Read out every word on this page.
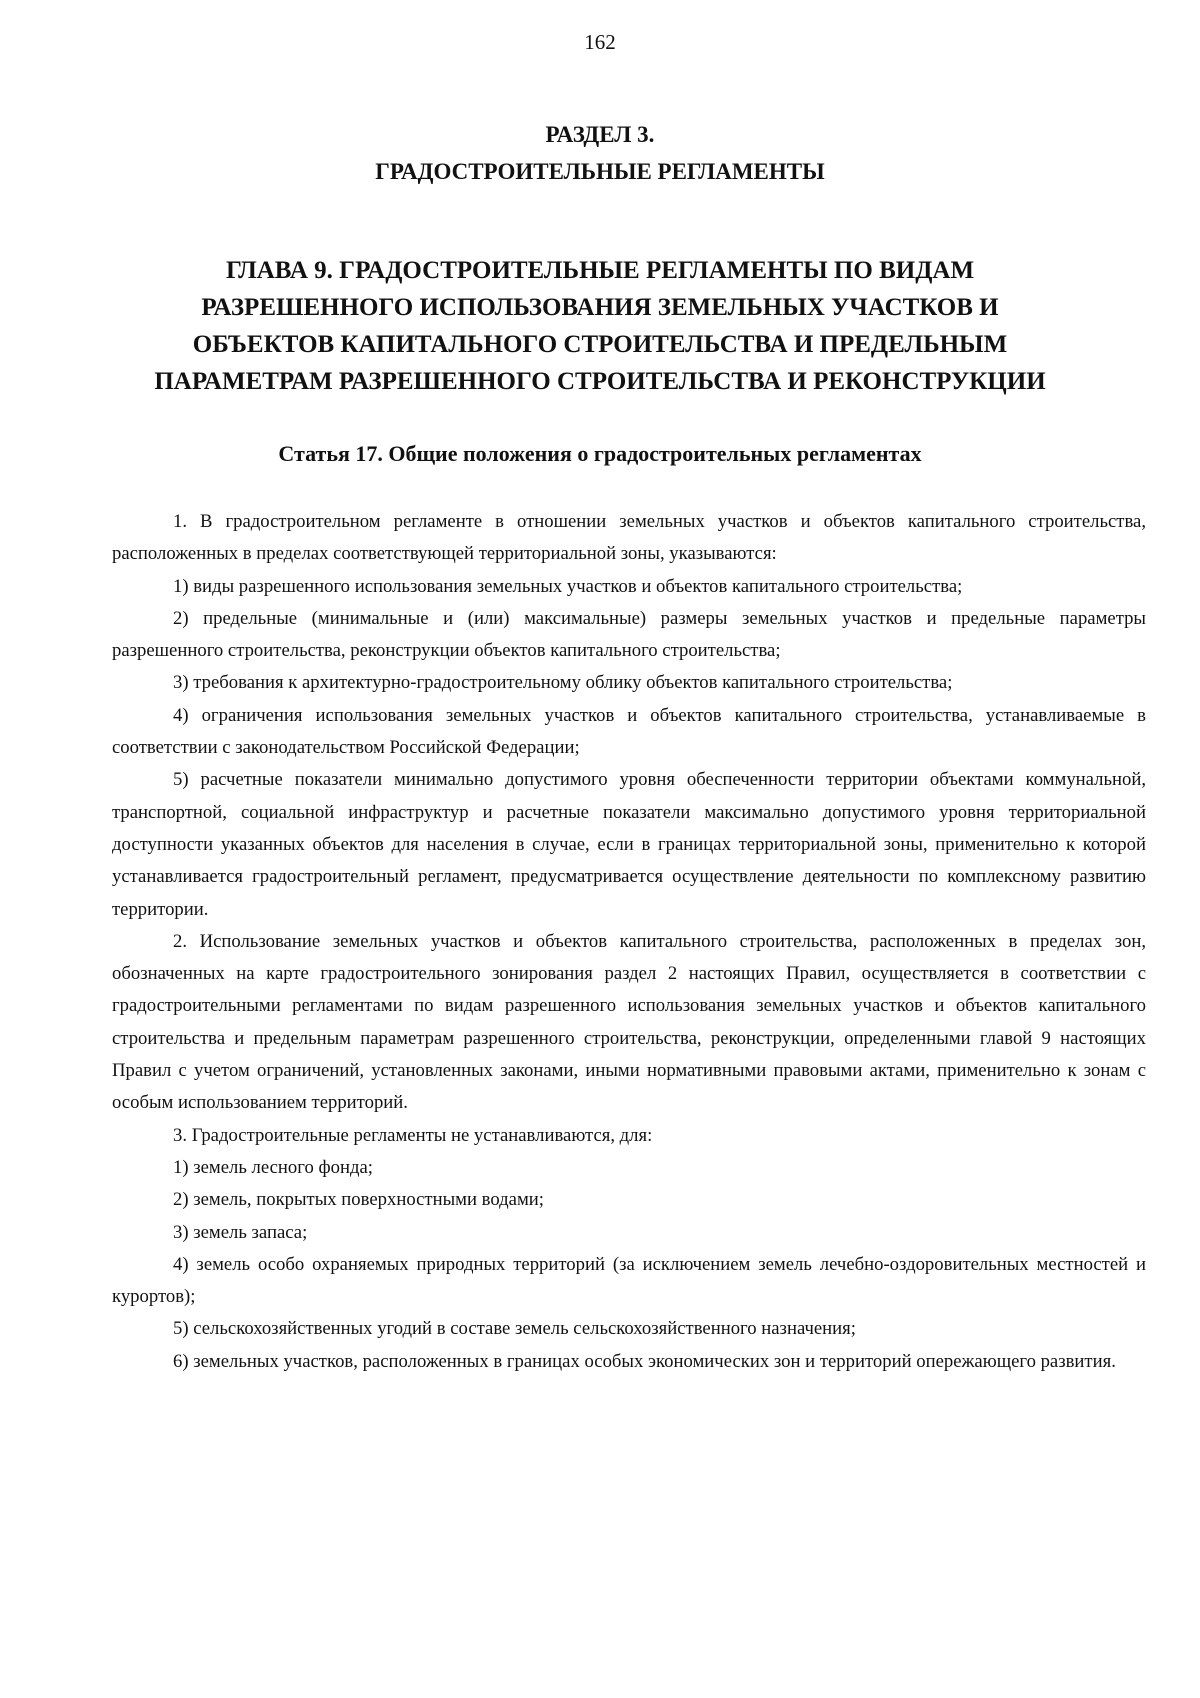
162
РАЗДЕЛ 3.
ГРАДОСТРОИТЕЛЬНЫЕ РЕГЛАМЕНТЫ
ГЛАВА 9. ГРАДОСТРОИТЕЛЬНЫЕ РЕГЛАМЕНТЫ ПО ВИДАМ
РАЗРЕШЕННОГО ИСПОЛЬЗОВАНИЯ ЗЕМЕЛЬНЫХ УЧАСТКОВ И
ОБЪЕКТОВ КАПИТАЛЬНОГО СТРОИТЕЛЬСТВА И ПРЕДЕЛЬНЫМ
ПАРАМЕТРАМ РАЗРЕШЕННОГО СТРОИТЕЛЬСТВА И РЕКОНСТРУКЦИИ
Статья 17. Общие положения о градостроительных регламентах

1. В градостроительном регламенте в отношении земельных участков и объектов капитального строительства, расположенных в пределах соответствующей территориальной зоны, указываются:

1) виды разрешенного использования земельных участков и объектов капитального строительства;

2) предельные (минимальные и (или) максимальные) размеры земельных участков и предельные параметры разрешенного строительства, реконструкции объектов капитального строительства;

3) требования к архитектурно-градостроительному облику объектов капитального строительства;

4) ограничения использования земельных участков и объектов капитального строительства, устанавливаемые в соответствии с законодательством Российской Федерации;

5) расчетные показатели минимально допустимого уровня обеспеченности территории объектами коммунальной, транспортной, социальной инфраструктур и расчетные показатели максимально допустимого уровня территориальной доступности указанных объектов для населения в случае, если в границах территориальной зоны, применительно к которой устанавливается градостроительный регламент, предусматривается осуществление деятельности по комплексному развитию территории.

2. Использование земельных участков и объектов капитального строительства, расположенных в пределах зон, обозначенных на карте градостроительного зонирования раздел 2 настоящих Правил, осуществляется в соответствии с градостроительными регламентами по видам разрешенного использования земельных участков и объектов капитального строительства и предельным параметрам разрешенного строительства, реконструкции, определенными главой 9 настоящих Правил с учетом ограничений, установленных законами, иными нормативными правовыми актами, применительно к зонам с особым использованием территорий.

3. Градостроительные регламенты не устанавливаются, для:

1) земель лесного фонда;

2) земель, покрытых поверхностными водами;

3) земель запаса;

4) земель особо охраняемых природных территорий (за исключением земель лечебно-оздоровительных местностей и курортов);

5) сельскохозяйственных угодий в составе земель сельскохозяйственного назначения;

6) земельных участков, расположенных в границах особых экономических зон и территорий опережающего развития.
